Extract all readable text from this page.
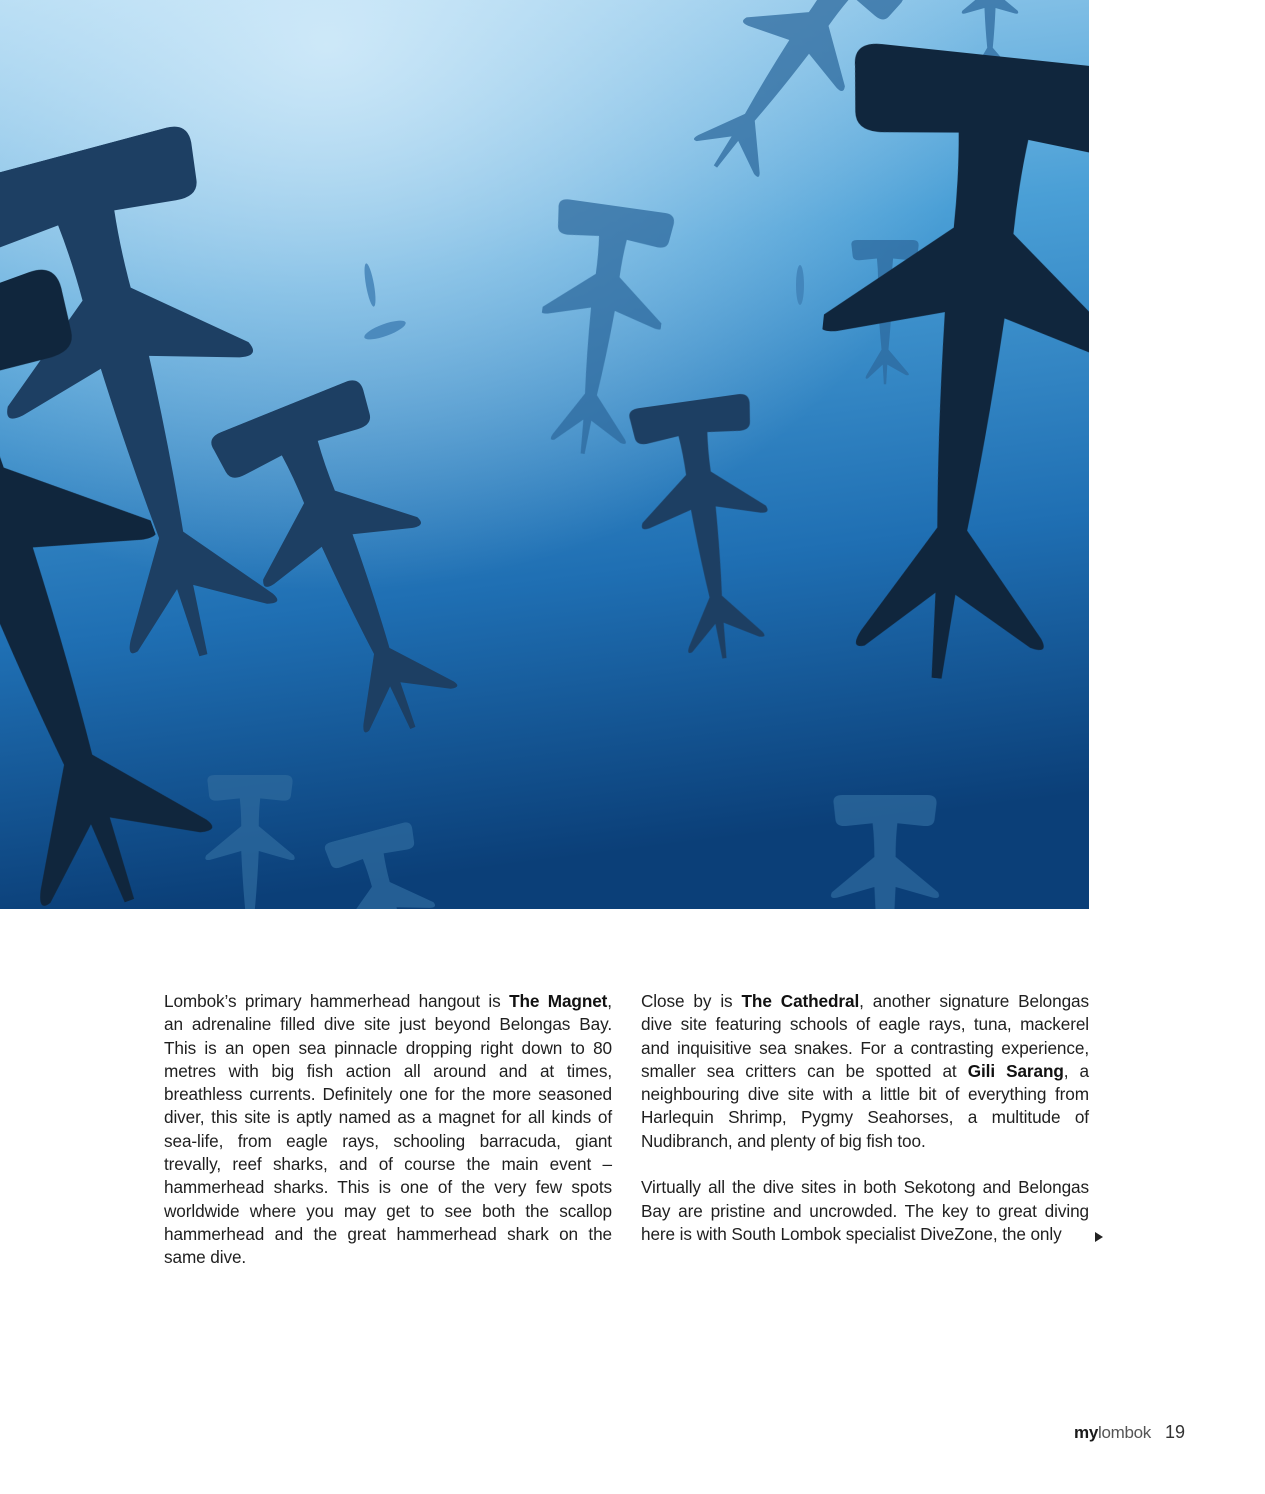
Lombok’s primary hammerhead hangout is The Magnet, an adrenaline filled dive site just beyond Belongas Bay. This is an open sea pinnacle dropping right down to 80 metres with big fish action all around and at times, breathless currents. Definitely one for the more seasoned diver, this site is aptly named as a magnet for all kinds of sea-life, from eagle rays, schooling barracuda, giant trevally, reef sharks, and of course the main event – hammerhead sharks. This is one of the very few spots worldwide where you may get to see both the scallop hammerhead and the great hammerhead shark on the same dive.

Close by is The Cathedral, another signature Belongas dive site featuring schools of eagle rays, tuna, mackerel and inquisitive sea snakes. For a contrasting experience, smaller sea critters can be spotted at Gili Sarang, a neighbouring dive site with a little bit of everything from Harlequin Shrimp, Pygmy Seahorses, a multitude of Nudibranch, and plenty of big fish too.

Virtually all the dive sites in both Sekotong and Belongas Bay are pristine and uncrowded. The key to great diving here is with South Lombok specialist DiveZone, the only

mylombok 19
